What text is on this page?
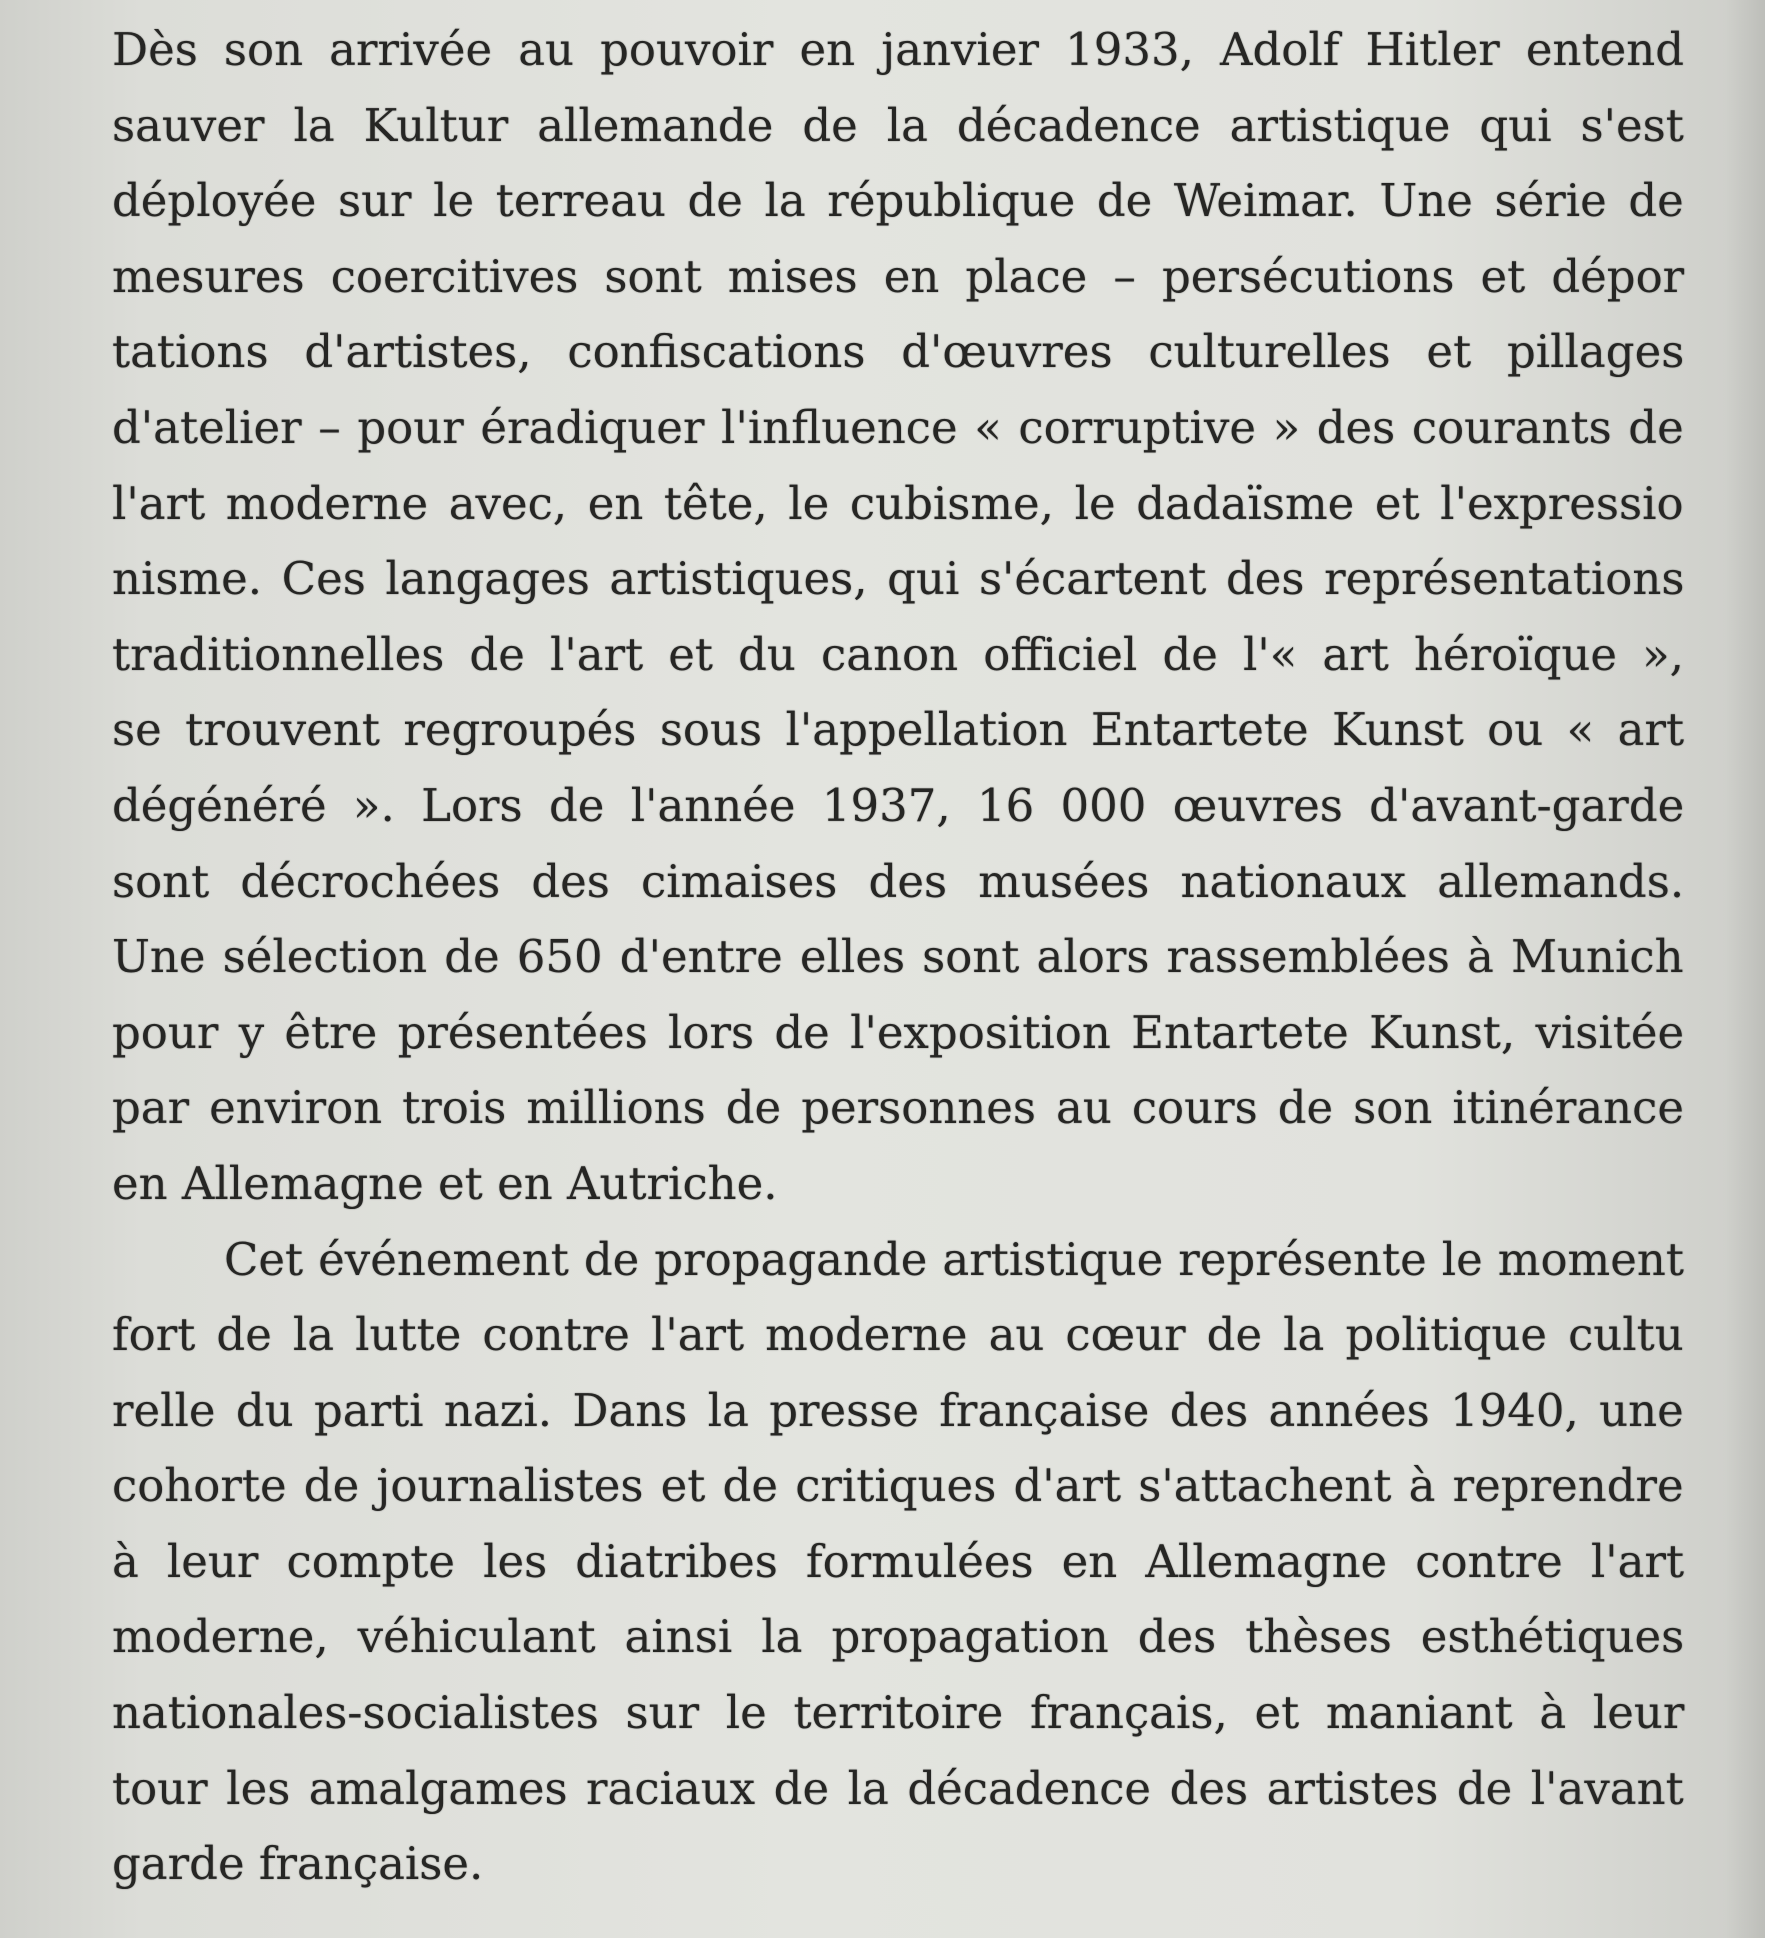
Dès son arrivée au pouvoir en janvier 1933, Adolf Hitler entend
sauver la Kultur allemande de la décadence artistique qui s'est
déployée sur le terreau de la république de Weimar. Une série de
mesures coercitives sont mises en place – persécutions et dépor
tations d'artistes, confiscations d'œuvres culturelles et pillages
d'atelier – pour éradiquer l'influence « corruptive » des courants de
l'art moderne avec, en tête, le cubisme, le dadaïsme et l'expressio
nisme. Ces langages artistiques, qui s'écartent des représentations
traditionnelles de l'art et du canon officiel de l'« art héroïque »,
se trouvent regroupés sous l'appellation Entartete Kunst ou « art
dégénéré ». Lors de l'année 1937, 16 000 œuvres d'avant-garde
sont décrochées des cimaises des musées nationaux allemands.
Une sélection de 650 d'entre elles sont alors rassemblées à Munich
pour y être présentées lors de l'exposition Entartete Kunst, visitée
par environ trois millions de personnes au cours de son itinérance
en Allemagne et en Autriche.
Cet événement de propagande artistique représente le moment
fort de la lutte contre l'art moderne au cœur de la politique cultu
relle du parti nazi. Dans la presse française des années 1940, une
cohorte de journalistes et de critiques d'art s'attachent à reprendre
à leur compte les diatribes formulées en Allemagne contre l'art
moderne, véhiculant ainsi la propagation des thèses esthétiques
nationales-socialistes sur le territoire français, et maniant à leur
tour les amalgames raciaux de la décadence des artistes de l'avant
garde française.
